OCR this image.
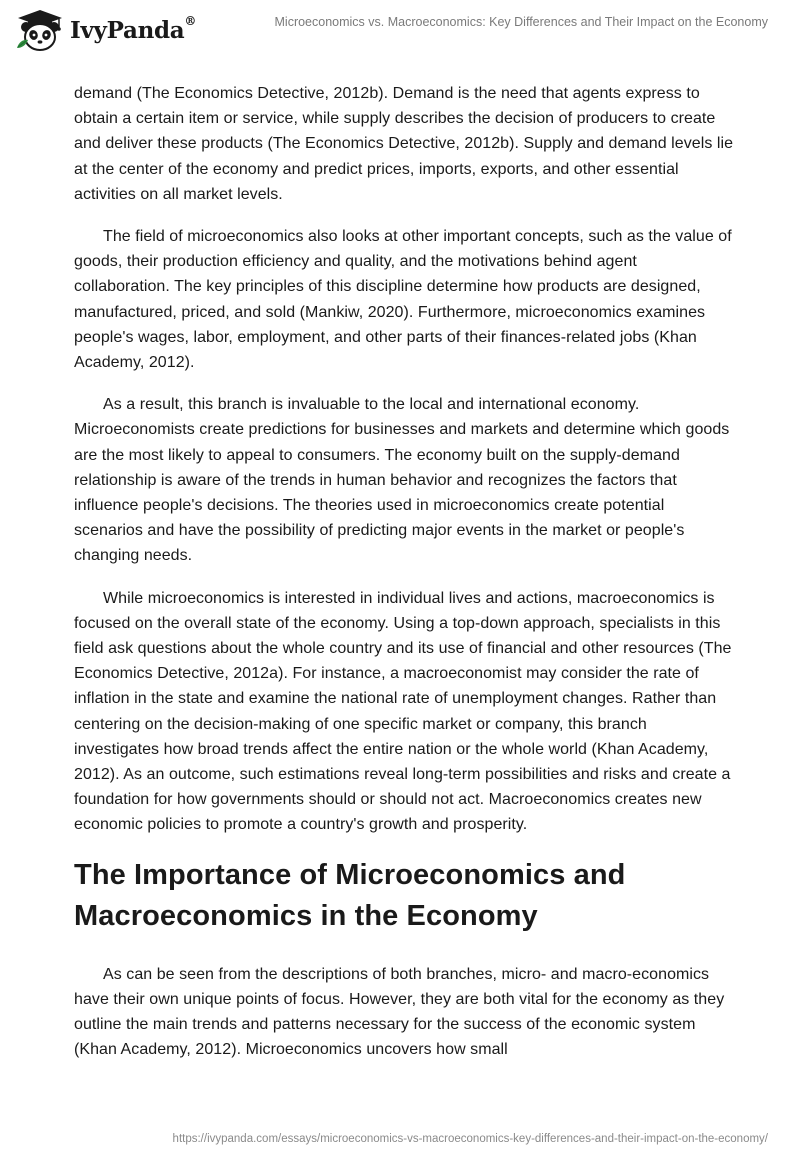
IvyPanda®	Microeconomics vs. Macroeconomics: Key Differences and Their Impact on the Economy

demand (The Economics Detective, 2012b). Demand is the need that agents express to obtain a certain item or service, while supply describes the decision of producers to create and deliver these products (The Economics Detective, 2012b). Supply and demand levels lie at the center of the economy and predict prices, imports, exports, and other essential activities on all market levels.

The field of microeconomics also looks at other important concepts, such as the value of goods, their production efficiency and quality, and the motivations behind agent collaboration. The key principles of this discipline determine how products are designed, manufactured, priced, and sold (Mankiw, 2020). Furthermore, microeconomics examines people's wages, labor, employment, and other parts of their finances-related jobs (Khan Academy, 2012).

As a result, this branch is invaluable to the local and international economy. Microeconomists create predictions for businesses and markets and determine which goods are the most likely to appeal to consumers. The economy built on the supply-demand relationship is aware of the trends in human behavior and recognizes the factors that influence people's decisions. The theories used in microeconomics create potential scenarios and have the possibility of predicting major events in the market or people's changing needs.

While microeconomics is interested in individual lives and actions, macroeconomics is focused on the overall state of the economy. Using a top-down approach, specialists in this field ask questions about the whole country and its use of financial and other resources (The Economics Detective, 2012a). For instance, a macroeconomist may consider the rate of inflation in the state and examine the national rate of unemployment changes. Rather than centering on the decision-making of one specific market or company, this branch investigates how broad trends affect the entire nation or the whole world (Khan Academy, 2012). As an outcome, such estimations reveal long-term possibilities and risks and create a foundation for how governments should or should not act. Macroeconomics creates new economic policies to promote a country's growth and prosperity.

The Importance of Microeconomics and Macroeconomics in the Economy

As can be seen from the descriptions of both branches, micro- and macro-economics have their own unique points of focus. However, they are both vital for the economy as they outline the main trends and patterns necessary for the success of the economic system (Khan Academy, 2012). Microeconomics uncovers how small

https://ivypanda.com/essays/microeconomics-vs-macroeconomics-key-differences-and-their-impact-on-the-economy/
